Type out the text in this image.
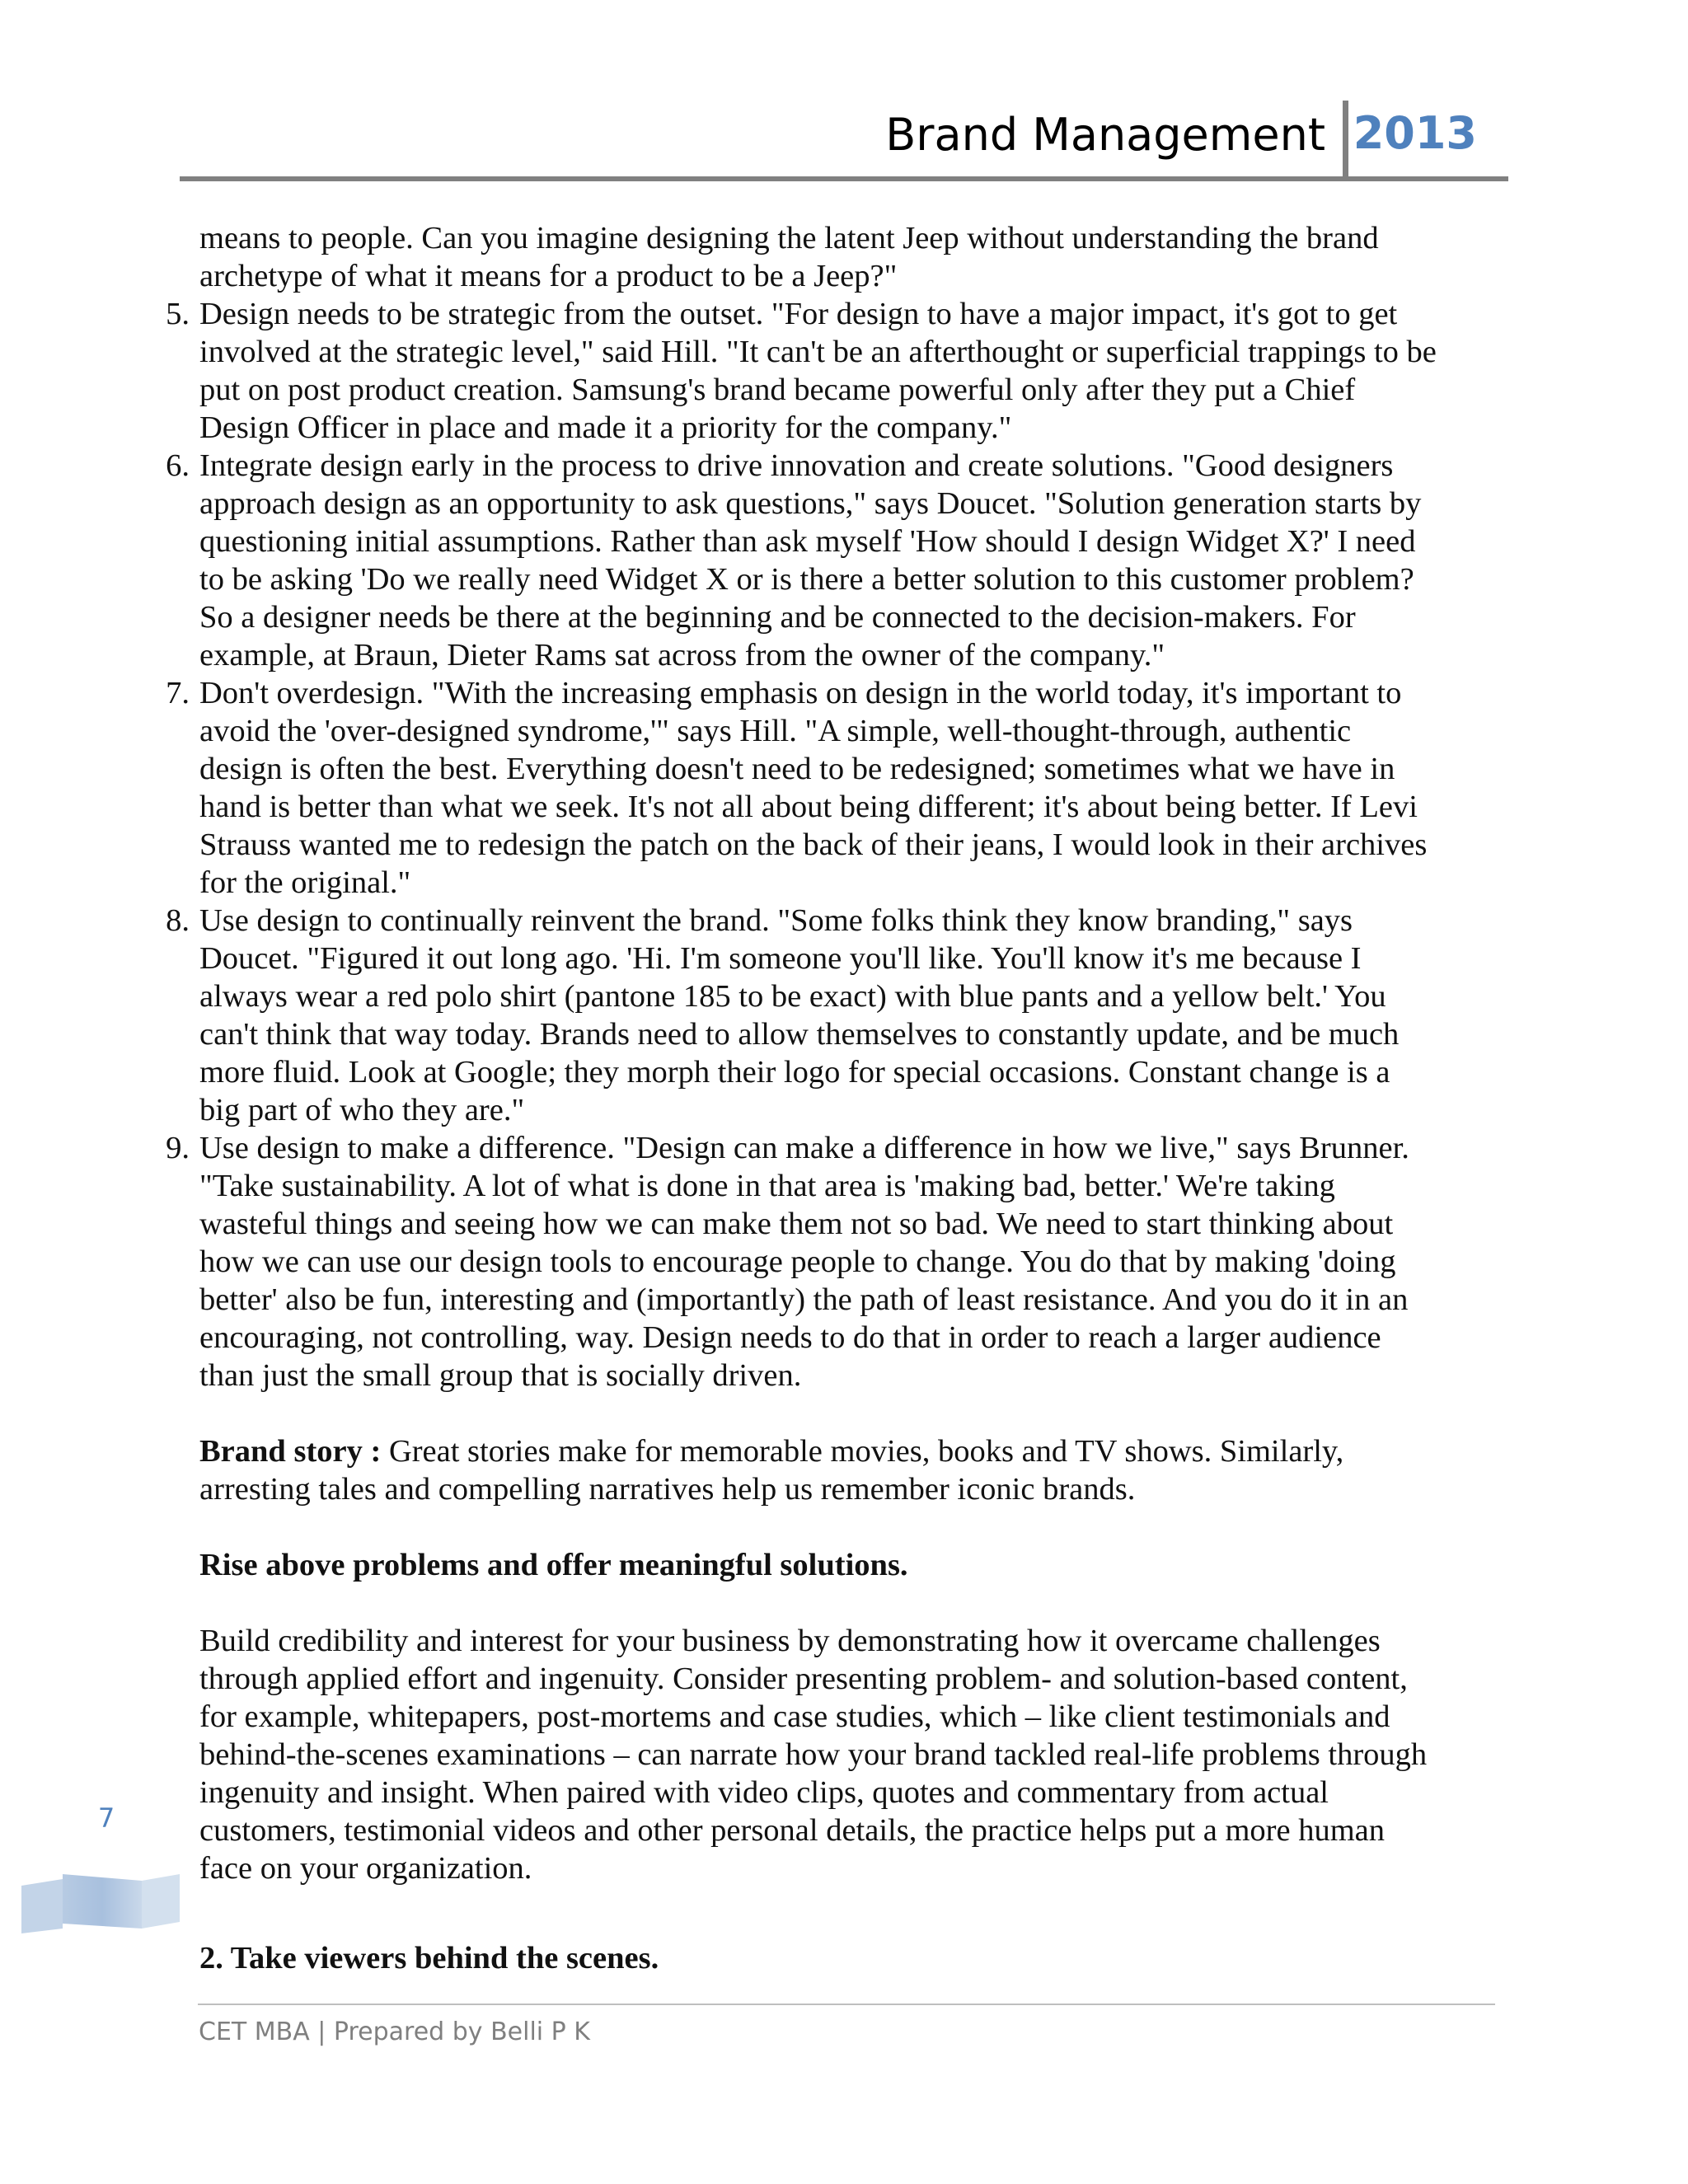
Brand Management 2013
means to people. Can you imagine designing the latent Jeep without understanding the brand
archetype of what it means for a product to be a Jeep?"
5. Design needs to be strategic from the outset. "For design to have a major impact, it's got to get
involved at the strategic level," said Hill. "It can't be an afterthought or superficial trappings to be
put on post product creation. Samsung's brand became powerful only after they put a Chief
Design Officer in place and made it a priority for the company."
6. Integrate design early in the process to drive innovation and create solutions. "Good designers
approach design as an opportunity to ask questions," says Doucet. "Solution generation starts by
questioning initial assumptions. Rather than ask myself 'How should I design Widget X?' I need
to be asking 'Do we really need Widget X or is there a better solution to this customer problem?
So a designer needs be there at the beginning and be connected to the decision-makers. For
example, at Braun, Dieter Rams sat across from the owner of the company."
7. Don't overdesign. "With the increasing emphasis on design in the world today, it's important to
avoid the 'over-designed syndrome,'" says Hill. "A simple, well-thought-through, authentic
design is often the best. Everything doesn't need to be redesigned; sometimes what we have in
hand is better than what we seek. It's not all about being different; it's about being better. If Levi
Strauss wanted me to redesign the patch on the back of their jeans, I would look in their archives
for the original."
8. Use design to continually reinvent the brand. "Some folks think they know branding," says
Doucet. "Figured it out long ago. 'Hi. I'm someone you'll like. You'll know it's me because I
always wear a red polo shirt (pantone 185 to be exact) with blue pants and a yellow belt.' You
can't think that way today. Brands need to allow themselves to constantly update, and be much
more fluid. Look at Google; they morph their logo for special occasions. Constant change is a
big part of who they are."
9. Use design to make a difference. "Design can make a difference in how we live," says Brunner.
"Take sustainability. A lot of what is done in that area is 'making bad, better.' We're taking
wasteful things and seeing how we can make them not so bad. We need to start thinking about
how we can use our design tools to encourage people to change. You do that by making 'doing
better' also be fun, interesting and (importantly) the path of least resistance. And you do it in an
encouraging, not controlling, way. Design needs to do that in order to reach a larger audience
than just the small group that is socially driven.
Brand story : Great stories make for memorable movies, books and TV shows. Similarly,
arresting tales and compelling narratives help us remember iconic brands.
Rise above problems and offer meaningful solutions.
Build credibility and interest for your business by demonstrating how it overcame challenges
through applied effort and ingenuity. Consider presenting problem- and solution-based content,
for example, whitepapers, post-mortems and case studies, which – like client testimonials and
behind-the-scenes examinations – can narrate how your brand tackled real-life problems through
ingenuity and insight. When paired with video clips, quotes and commentary from actual
customers, testimonial videos and other personal details, the practice helps put a more human
face on your organization.
2. Take viewers behind the scenes.
7
CET MBA | Prepared by Belli P K
